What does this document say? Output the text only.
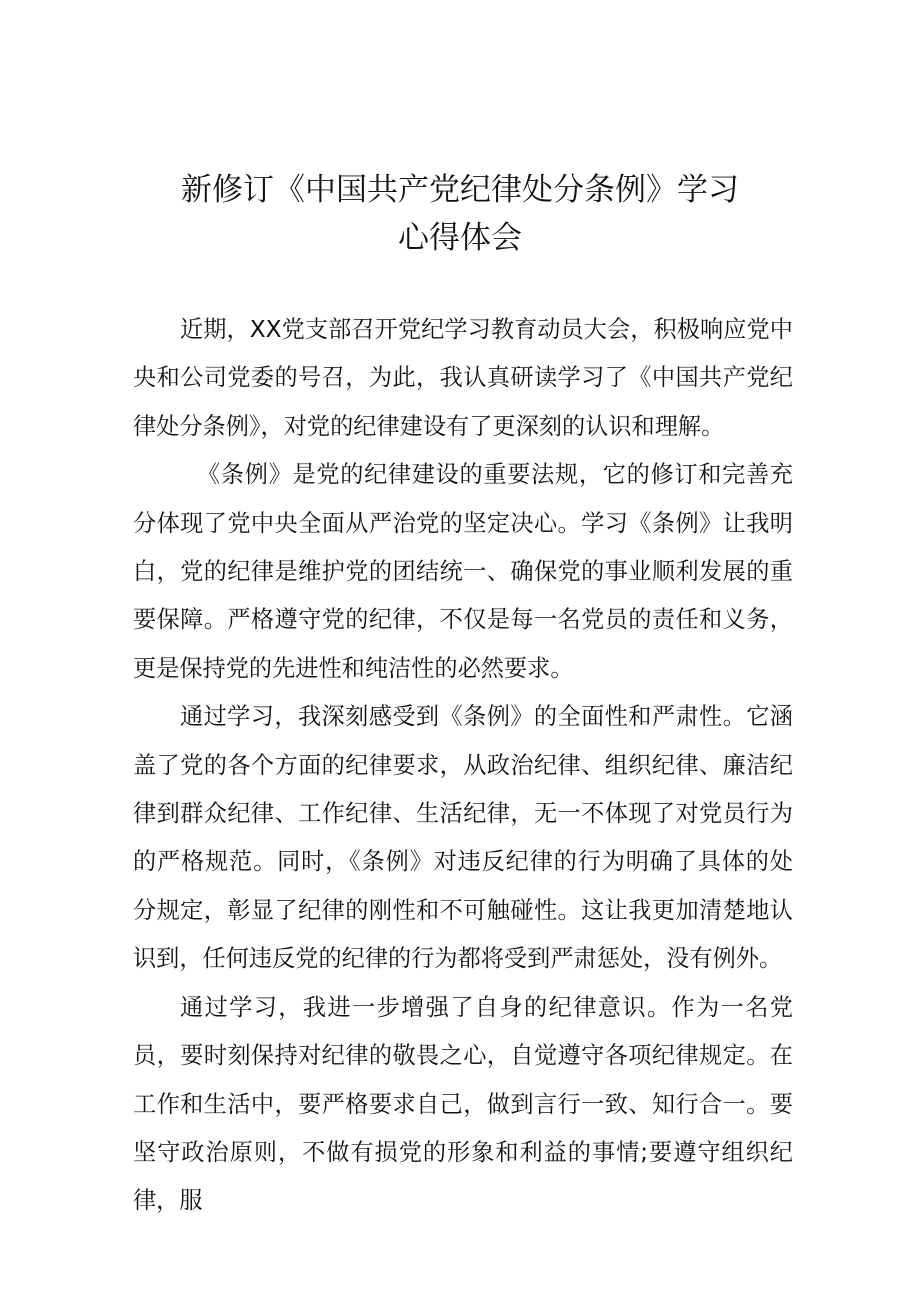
新修订《中国共产党纪律处分条例》学习
心得体会

近期，XX党支部召开党纪学习教育动员大会，积极响应党中央和公司党委的号召，为此，我认真研读学习了《中国共产党纪律处分条例》，对党的纪律建设有了更深刻的认识和理解。

《条例》是党的纪律建设的重要法规，它的修订和完善充分体现了党中央全面从严治党的坚定决心。学习《条例》让我明白，党的纪律是维护党的团结统一、确保党的事业顺利发展的重要保障。严格遵守党的纪律，不仅是每一名党员的责任和义务，更是保持党的先进性和纯洁性的必然要求。

通过学习，我深刻感受到《条例》的全面性和严肃性。它涵盖了党的各个方面的纪律要求，从政治纪律、组织纪律、廉洁纪律到群众纪律、工作纪律、生活纪律，无一不体现了对党员行为的严格规范。同时，《条例》对违反纪律的行为明确了具体的处分规定，彰显了纪律的刚性和不可触碰性。这让我更加清楚地认识到，任何违反党的纪律的行为都将受到严肃惩处，没有例外。

通过学习，我进一步增强了自身的纪律意识。作为一名党员，要时刻保持对纪律的敬畏之心，自觉遵守各项纪律规定。在工作和生活中，要严格要求自己，做到言行一致、知行合一。要坚守政治原则，不做有损党的形象和利益的事情;要遵守组织纪律，服
